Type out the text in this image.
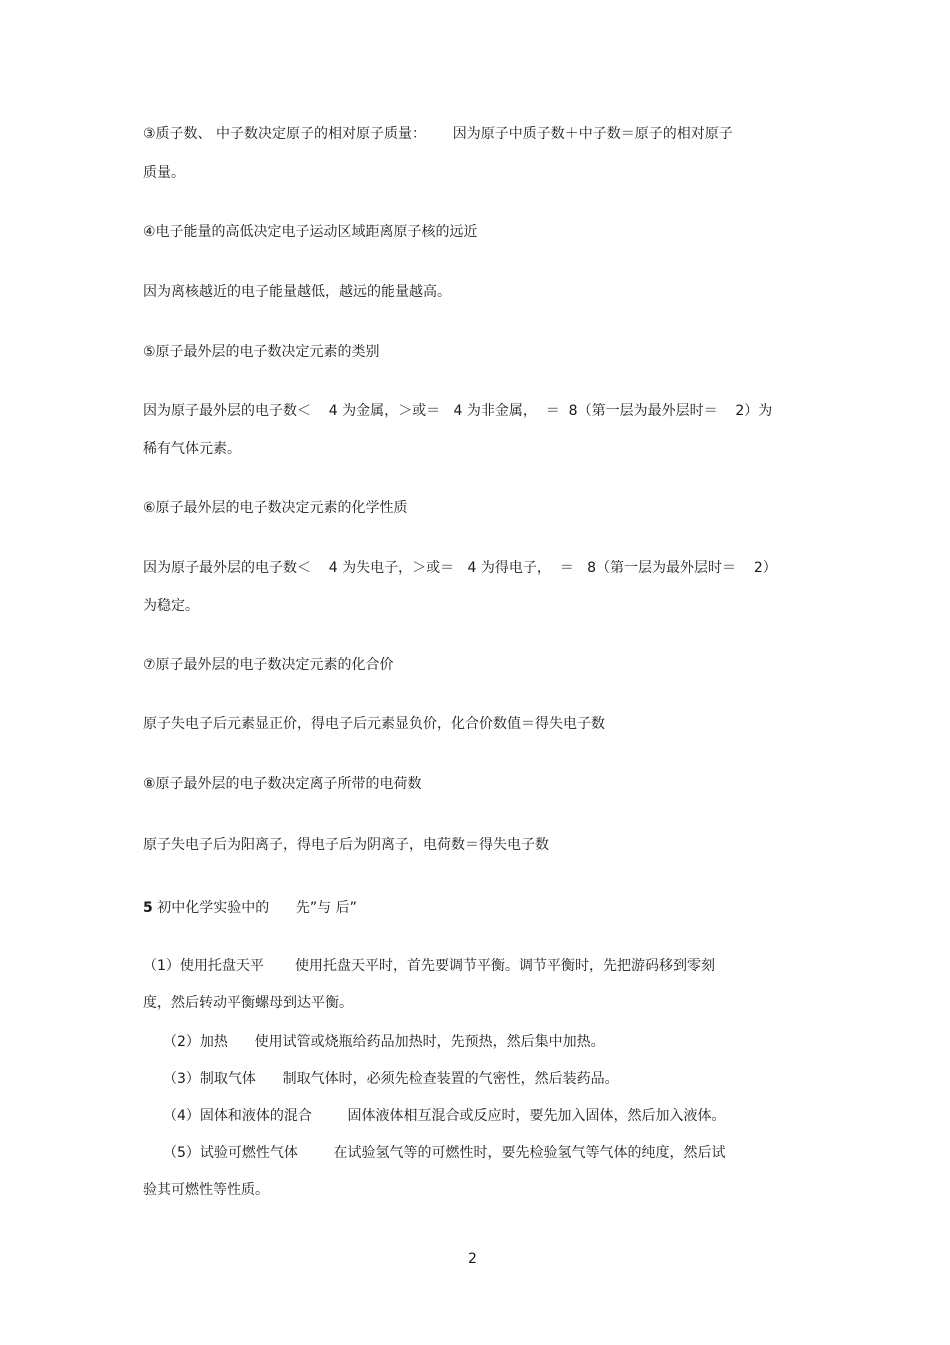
③质子数、 中子数决定原子的相对原子质量：      因为原子中质子数＋中子数＝原子的相对原子
质量。
④电子能量的高低决定电子运动区域距离原子核的远近
因为离核越近的电子能量越低，越远的能量越高。
⑤原子最外层的电子数决定元素的类别
因为原子最外层的电子数＜    4 为金属，＞或＝   4 为非金属，  ＝  8（第一层为最外层时＝    2）为
稀有气体元素。
⑥原子最外层的电子数决定元素的化学性质
因为原子最外层的电子数＜    4 为失电子，＞或＝   4 为得电子，  ＝   8（第一层为最外层时＝    2）
为稳定。
⑦原子最外层的电子数决定元素的化合价
原子失电子后元素显正价，得电子后元素显负价，化合价数值＝得失电子数
⑧原子最外层的电子数决定离子所带的电荷数
原子失电子后为阳离子，得电子后为阴离子，电荷数＝得失电子数
5 初中化学实验中的      先”与 后”
（1）使用托盘天平       使用托盘天平时，首先要调节平衡。调节平衡时，先把游码移到零刻
度，然后转动平衡螺母到达平衡。
（2）加热      使用试管或烧瓶给药品加热时，先预热，然后集中加热。
（3）制取气体      制取气体时，必须先检查装置的气密性，然后装药品。
（4）固体和液体的混合        固体液体相互混合或反应时，要先加入固体，然后加入液体。
（5）试验可燃性气体        在试验氢气等的可燃性时，要先检验氢气等气体的纯度，然后试
验其可燃性等性质。
2
